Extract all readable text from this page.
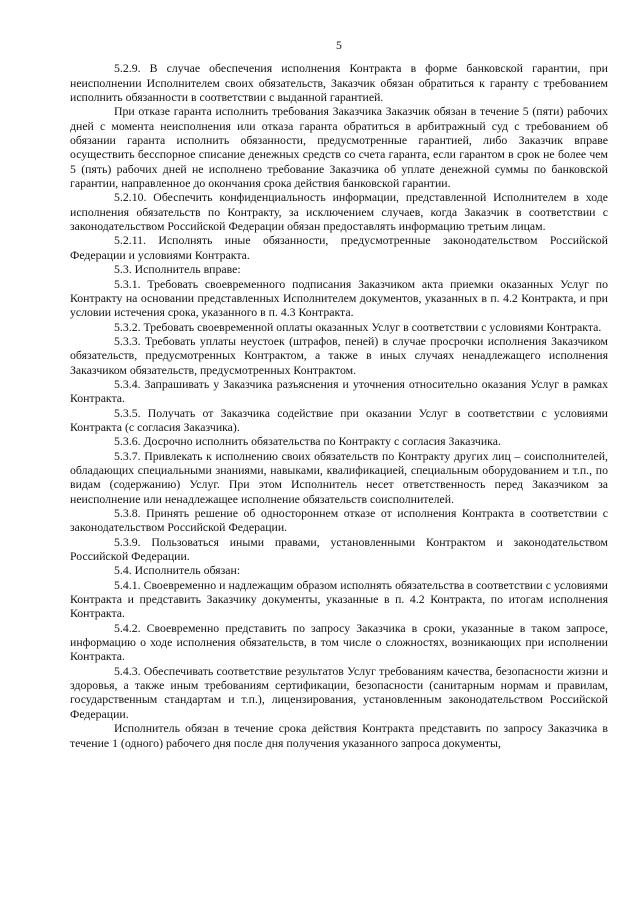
5

5.2.9. В случае обеспечения исполнения Контракта в форме банковской гарантии, при неисполнении Исполнителем своих обязательств, Заказчик обязан обратиться к гаранту с требованием исполнить обязанности в соответствии с выданной гарантией.

При отказе гаранта исполнить требования Заказчика Заказчик обязан в течение 5 (пяти) рабочих дней с момента неисполнения или отказа гаранта обратиться в арбитражный суд с требованием об обязании гаранта исполнить обязанности, предусмотренные гарантией, либо Заказчик вправе осуществить бесспорное списание денежных средств со счета гаранта, если гарантом в срок не более чем 5 (пять) рабочих дней не исполнено требование Заказчика об уплате денежной суммы по банковской гарантии, направленное до окончания срока действия банковской гарантии.

5.2.10. Обеспечить конфиденциальность информации, представленной Исполнителем в ходе исполнения обязательств по Контракту, за исключением случаев, когда Заказчик в соответствии с законодательством Российской Федерации обязан предоставлять информацию третьим лицам.

5.2.11. Исполнять иные обязанности, предусмотренные законодательством Российской Федерации и условиями Контракта.

5.3. Исполнитель вправе:

5.3.1. Требовать своевременного подписания Заказчиком акта приемки оказанных Услуг по Контракту на основании представленных Исполнителем документов, указанных в п. 4.2 Контракта, и при условии истечения срока, указанного в п. 4.3 Контракта.

5.3.2. Требовать своевременной оплаты оказанных Услуг в соответствии с условиями Контракта.

5.3.3. Требовать уплаты неустоек (штрафов, пеней) в случае просрочки исполнения Заказчиком обязательств, предусмотренных Контрактом, а также в иных случаях ненадлежащего исполнения Заказчиком обязательств, предусмотренных Контрактом.

5.3.4. Запрашивать у Заказчика разъяснения и уточнения относительно оказания Услуг в рамках Контракта.

5.3.5. Получать от Заказчика содействие при оказании Услуг в соответствии с условиями Контракта (с согласия Заказчика).

5.3.6. Досрочно исполнить обязательства по Контракту с согласия Заказчика.

5.3.7. Привлекать к исполнению своих обязательств по Контракту других лиц – соисполнителей, обладающих специальными знаниями, навыками, квалификацией, специальным оборудованием и т.п., по видам (содержанию) Услуг. При этом Исполнитель несет ответственность перед Заказчиком за неисполнение или ненадлежащее исполнение обязательств соисполнителей.

5.3.8. Принять решение об одностороннем отказе от исполнения Контракта в соответствии с законодательством Российской Федерации.

5.3.9. Пользоваться иными правами, установленными Контрактом и законодательством Российской Федерации.

5.4. Исполнитель обязан:

5.4.1. Своевременно и надлежащим образом исполнять обязательства в соответствии с условиями Контракта и представить Заказчику документы, указанные в п. 4.2 Контракта, по итогам исполнения Контракта.

5.4.2. Своевременно представить по запросу Заказчика в сроки, указанные в таком запросе, информацию о ходе исполнения обязательств, в том числе о сложностях, возникающих при исполнении Контракта.

5.4.3. Обеспечивать соответствие результатов Услуг требованиям качества, безопасности жизни и здоровья, а также иным требованиям сертификации, безопасности (санитарным нормам и правилам, государственным стандартам и т.п.), лицензирования, установленным законодательством Российской Федерации.

Исполнитель обязан в течение срока действия Контракта представить по запросу Заказчика в течение 1 (одного) рабочего дня после дня получения указанного запроса документы,
